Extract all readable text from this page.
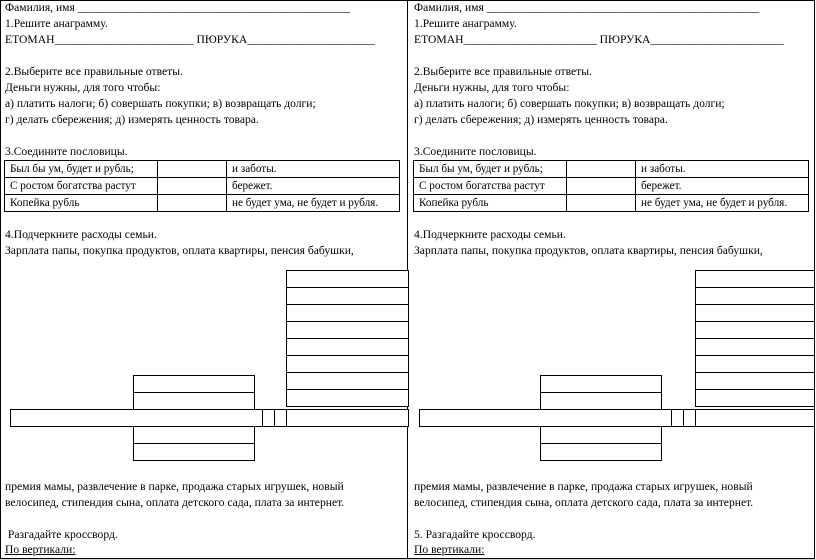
Фамилия, имя _______________________________________________
1.Решите анаграмму.
ЕТОМАН________________________ ПЮРУКА______________________
2.Выберите все правильные ответы.
Деньги нужны, для того чтобы:
а) платить налоги; б) совершать покупки; в) возвращать долги;
г) делать сбережения; д) измерять ценность товара.
3.Соедините пословицы.
Был бы ум, будет и рубль;		и заботы.
С ростом богатства растут		бережет.
Копейка рубль		не будет ума, не будет и рубля.
4.Подчеркните расходы семьи.
Зарплата папы, покупка продуктов, оплата квартиры, пенсия бабушки,
премия мамы, развлечение в парке, продажа старых игрушек, новый
велосипед, стипендия сына, оплата детского сада, плата за интернет.
Разгадайте кроссворд.
По вертикали:
Фамилия, имя _______________________________________________
1.Решите анаграмму.
ЕТОМАН_______________________ ПЮРУКА_______________________
2.Выберите все правильные ответы.
Деньги нужны, для того чтобы:
а) платить налоги; б) совершать покупки; в) возвращать долги;
г) делать сбережения; д) измерять ценность товара.
3.Соедините пословицы.
Был бы ум, будет и рубль;		и заботы.
С ростом богатства растут		бережет.
Копейка рубль		не будет ума, не будет и рубля.
4.Подчеркните расходы семьи.
Зарплата папы, покупка продуктов, оплата квартиры, пенсия бабушки,
премия мамы, развлечение в парке, продажа старых игрушек, новый
велосипед, стипендия сына, оплата детского сада, плата за интернет.
5. Разгадайте кроссворд.
По вертикали:
